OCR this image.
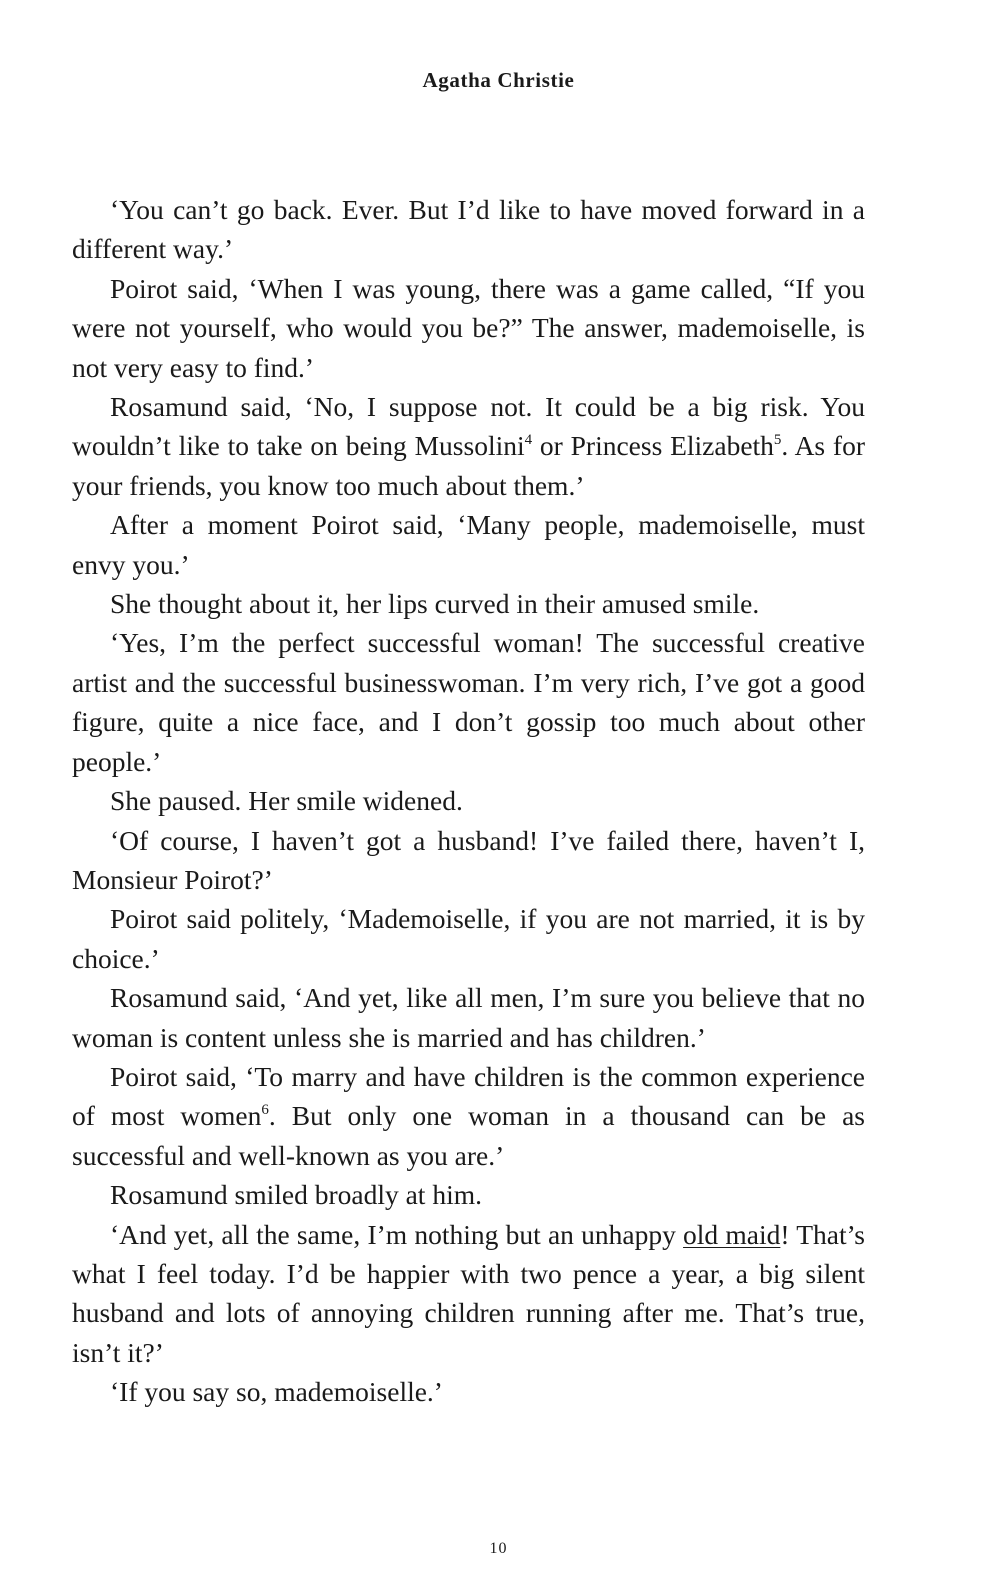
Agatha Christie

‘You can’t go back. Ever. But I’d like to have moved forward in a different way.’

Poirot said, ‘When I was young, there was a game called, “If you were not yourself, who would you be?” The answer, mademoiselle, is not very easy to find.’

Rosamund said, ‘No, I suppose not. It could be a big risk. You wouldn’t like to take on being Mussolini$^4$ or Princess Elizabeth$^5$. As for your friends, you know too much about them.’

After a moment Poirot said, ‘Many people, mademoiselle, must envy you.’

She thought about it, her lips curved in their amused smile.

‘Yes, I’m the perfect successful woman! The successful creative artist and the successful businesswoman. I’m very rich, I’ve got a good figure, quite a nice face, and I don’t gossip too much about other people.’

She paused. Her smile widened.

‘Of course, I haven’t got a husband! I’ve failed there, haven’t I, Monsieur Poirot?’

Poirot said politely, ‘Mademoiselle, if you are not married, it is by choice.’

Rosamund said, ‘And yet, like all men, I’m sure you believe that no woman is content unless she is married and has children.’

Poirot said, ‘To marry and have children is the common experience of most women$^6$. But only one woman in a thousand can be as successful and well-known as you are.’

Rosamund smiled broadly at him.

‘And yet, all the same, I’m nothing but an unhappy old maid! That’s what I feel today. I’d be happier with two pence a year, a big silent husband and lots of annoying children running after me. That’s true, isn’t it?’

‘If you say so, mademoiselle.’

10
